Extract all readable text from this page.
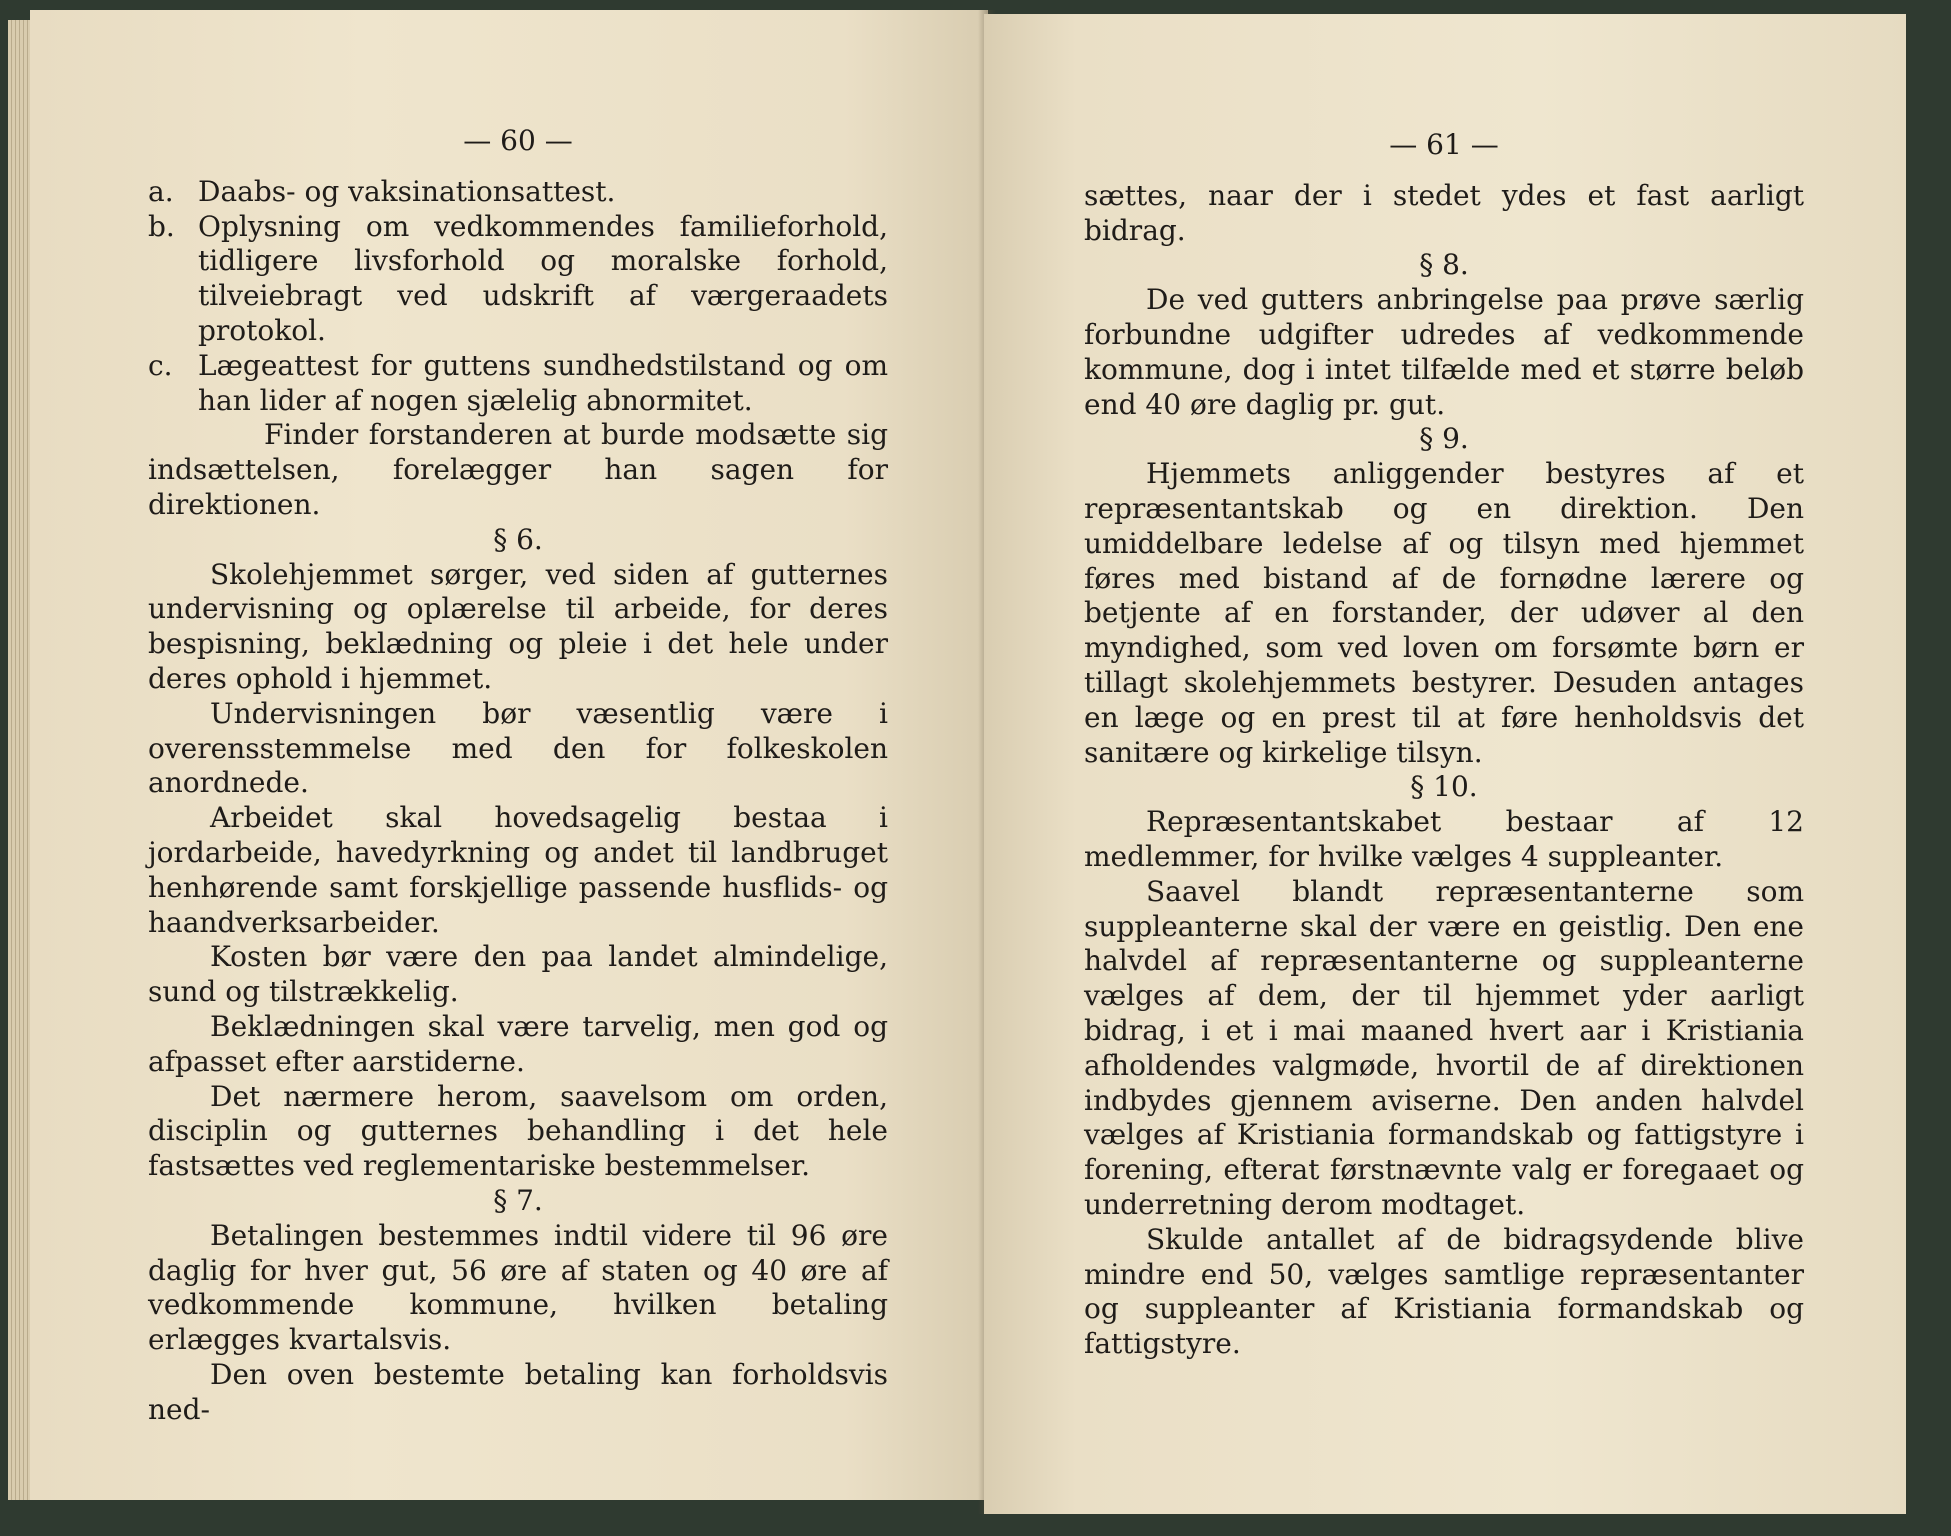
— 60 —
a. Daabs- og vaksinationsattest.
b. Oplysning om vedkommendes familieforhold, tidligere livsforhold og moralske forhold, tilveiebragt ved udskrift af værgeraadets protokol.
c. Lægeattest for guttens sundhedstilstand og om han lider af nogen sjælelig abnormitet.

Finder forstanderen at burde modsætte sig indsættelsen, forelægger han sagen for direktionen.

§ 6.

Skolehjemmet sørger, ved siden af gutternes undervisning og oplærelse til arbeide, for deres bespisning, beklædning og pleie i det hele under deres ophold i hjemmet.

Undervisningen bør væsentlig være i overensstemmelse med den for folkeskolen anordnede.

Arbeidet skal hovedsagelig bestaa i jordarbeide, havedyrkning og andet til landbruget henhørende samt forskjellige passende husflids- og haandverksarbeider.

Kosten bør være den paa landet almindelige, sund og tilstrækkelig.

Beklædningen skal være tarvelig, men god og afpasset efter aarstiderne.

Det nærmere herom, saavelsom om orden, disciplin og gutternes behandling i det hele fastsættes ved reglementariske bestemmelser.

§ 7.

Betalingen bestemmes indtil videre til 96 øre daglig for hver gut, 56 øre af staten og 40 øre af vedkommende kommune, hvilken betaling erlægges kvartalsvis.

Den oven bestemte betaling kan forholdsvis ned-

— 61 —

sættes, naar der i stedet ydes et fast aarligt bidrag.

§ 8.

De ved gutters anbringelse paa prøve særlig forbundne udgifter udredes af vedkommende kommune, dog i intet tilfælde med et større beløb end 40 øre daglig pr. gut.

§ 9.

Hjemmets anliggender bestyres af et repræsentantskab og en direktion. Den umiddelbare ledelse af og tilsyn med hjemmet føres med bistand af de fornødne lærere og betjente af en forstander, der udøver al den myndighed, som ved loven om forsømte børn er tillagt skolehjemmets bestyrer. Desuden antages en læge og en prest til at føre henholdsvis det sanitære og kirkelige tilsyn.

§ 10.

Repræsentantskabet bestaar af 12 medlemmer, for hvilke vælges 4 suppleanter.

Saavel blandt repræsentanterne som suppleanterne skal der være en geistlig. Den ene halvdel af repræsentanterne og suppleanterne vælges af dem, der til hjemmet yder aarligt bidrag, i et i mai maaned hvert aar i Kristiania afholdendes valgmøde, hvortil de af direktionen indbydes gjennem aviserne. Den anden halvdel vælges af Kristiania formandskab og fattigstyre i forening, efterat førstnævnte valg er foregaaet og underretning derom modtaget.

Skulde antallet af de bidragsydende blive mindre end 50, vælges samtlige repræsentanter og suppleanter af Kristiania formandskab og fattigstyre.
